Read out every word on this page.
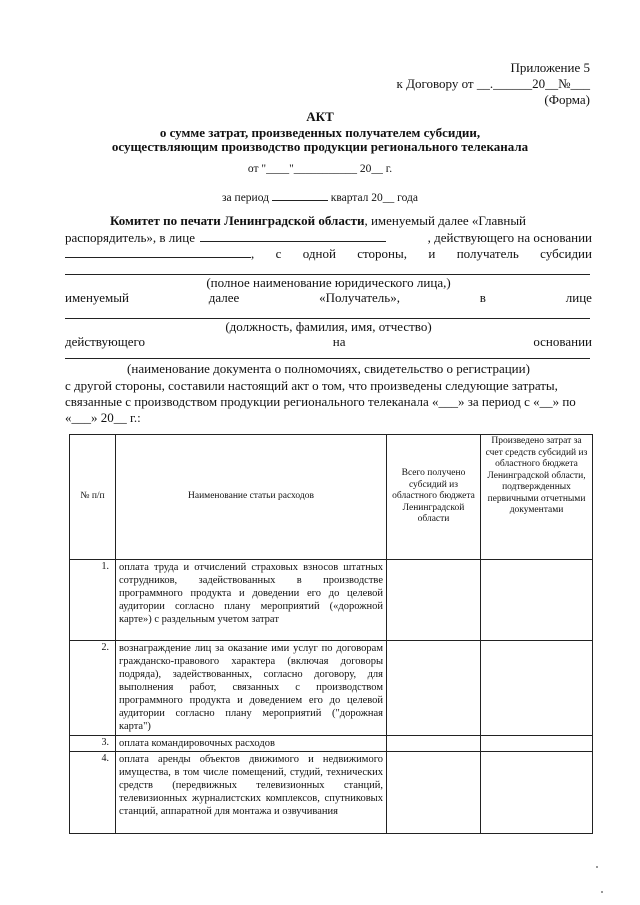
Приложение 5
к Договору от __.______20__№___
(Форма)
АКТ
о сумме затрат, произведенных получателем субсидии,
осуществляющим производство продукции регионального телеканала
от "____"___________ 20__ г.
за период	квартал 20__ года
Комитет по печати Ленинградской области, именуемый далее «Главный
распорядитель», в лице	, действующего на основании
, с одной стороны, и получатель субсидии
(полное наименование юридического лица,)
именуемый	далее	«Получатель»,	в	лице
(должность, фамилия, имя, отчество)
действующего	на	основании
(наименование документа о полномочиях, свидетельство о регистрации)
с другой стороны, составили настоящий акт о том, что произведены следующие затраты,
связанные с производством продукции регионального телеканала «___» за период с «__» по
«___» 20__ г.:
№ п/п	Наименование статьи расходов	Всего получено субсидий из областного бюджета Ленинградской области	Произведено затрат за счет средств субсидий из областного бюджета Ленинградской области, подтвержденных первичными отчетными документами
1.	оплата труда и отчислений страховых взносов штатных сотрудников, задействованных в производстве программного продукта и доведении его до целевой аудитории согласно плану мероприятий («дорожной карте») с раздельным учетом затрат		
2.	вознаграждение лиц за оказание ими услуг по договорам гражданско-правового характера (включая договоры подряда), задействованных, согласно договору, для выполнения работ, связанных с производством программного продукта и доведением его до целевой аудитории согласно плану мероприятий ("дорожная карта")		
3.	оплата командировочных расходов		
4.	оплата аренды объектов движимого и недвижимого имущества, в том числе помещений, студий, технических средств (передвижных телевизионных станций, телевизионных журналистских комплексов, спутниковых станций, аппаратной для монтажа и озвучивания		
